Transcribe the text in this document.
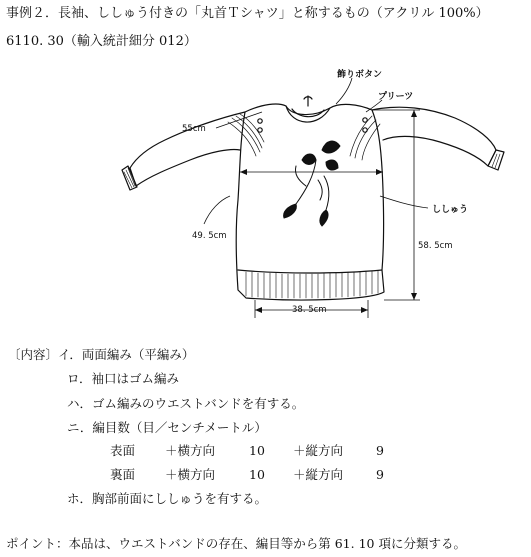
事例２．長袖、ししゅう付きの「丸首Ｔシャツ」と称するもの（アクリル 100%）
6110. 30（輸入統計細分 012）
飾りボタン
プリーツ
55cm
49. 5cm
ししゅう
58. 5cm
38. 5cm
〔内容〕イ．両面編み（平編み）
ロ．袖口はゴム編み
ハ．ゴム編みのウエストバンドを有する。
ニ．編目数（目／センチメートル）
表面 ＋横方向	10 ＋縦方向	9
裏面 ＋横方向	10 ＋縦方向	9
ホ．胸部前面にししゅうを有する。
ポイント：本品は、ウエストバンドの存在、編目等から第 61. 10 項に分類する。
